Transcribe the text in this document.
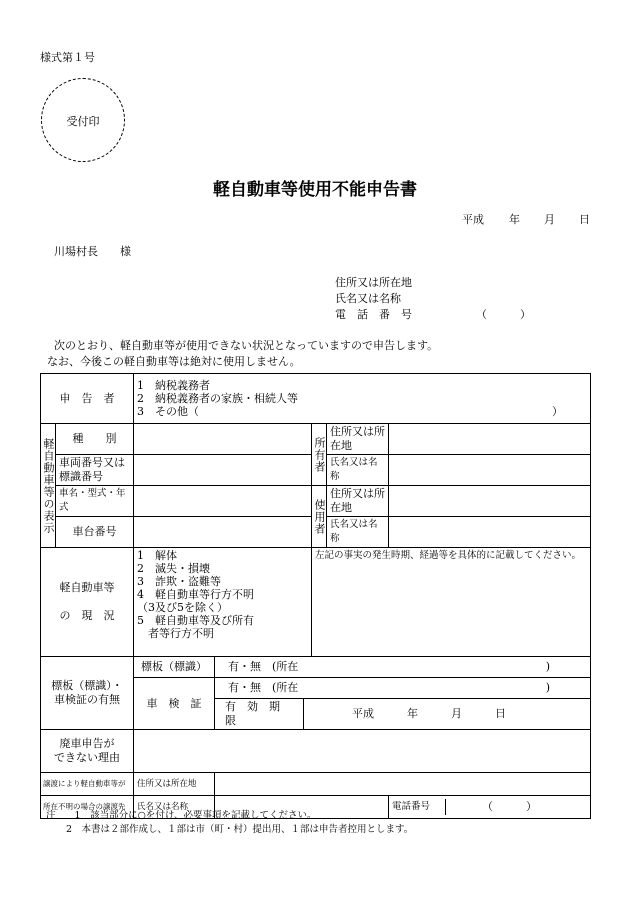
様式第１号
受付印
軽自動車等使用不能申告書
平成 年 月 日
川場村長　　様
住所又は所在地
氏名又は名称
電　話　番　号	（　　　）
次のとおり、軽自動車等が使用できない状況となっていますので申告します。
なお、今後この軽自動車等は絶対に使用しません。
申　告　者	
1　納税義務者
2　納税義務者の家族・相続人等
3　その他（	）

軽自動車等の表示	種　　別		所有者	住所又は所在地	
車両番号又は標識番号		氏名又は名称	
車名・型式・年式		使用者	住所又は所在地	
車台番号		氏名又は名称	

軽自動車等
の　現　況

1　解体
2　滅失・損壊
3　詐欺・盗難等
4　軽自動車等行方不明
（3及び5を除く）
5　軽自動車等及び所有
　者等行方不明

左記の事実の発生時期、経過等を具体的に記載してください。

標板（標識）・
車検証の有無
	標板（標識）	有・無　(所在	)

車　検　証	有・無　(所在	)

有　効　期　限	平成　　　年　　　月　　　日

廃車申告が
できない理由

譲渡により軽自動車等が	住所又は所在地	
所在不明の場合の譲渡先	氏名又は名称			電話番号	（　　　）
注　　 1　該当部分に○を付け、必要事項を記載してください。
2　本書は２部作成し、１部は市（町・村）提出用、１部は申告者控用とします。
